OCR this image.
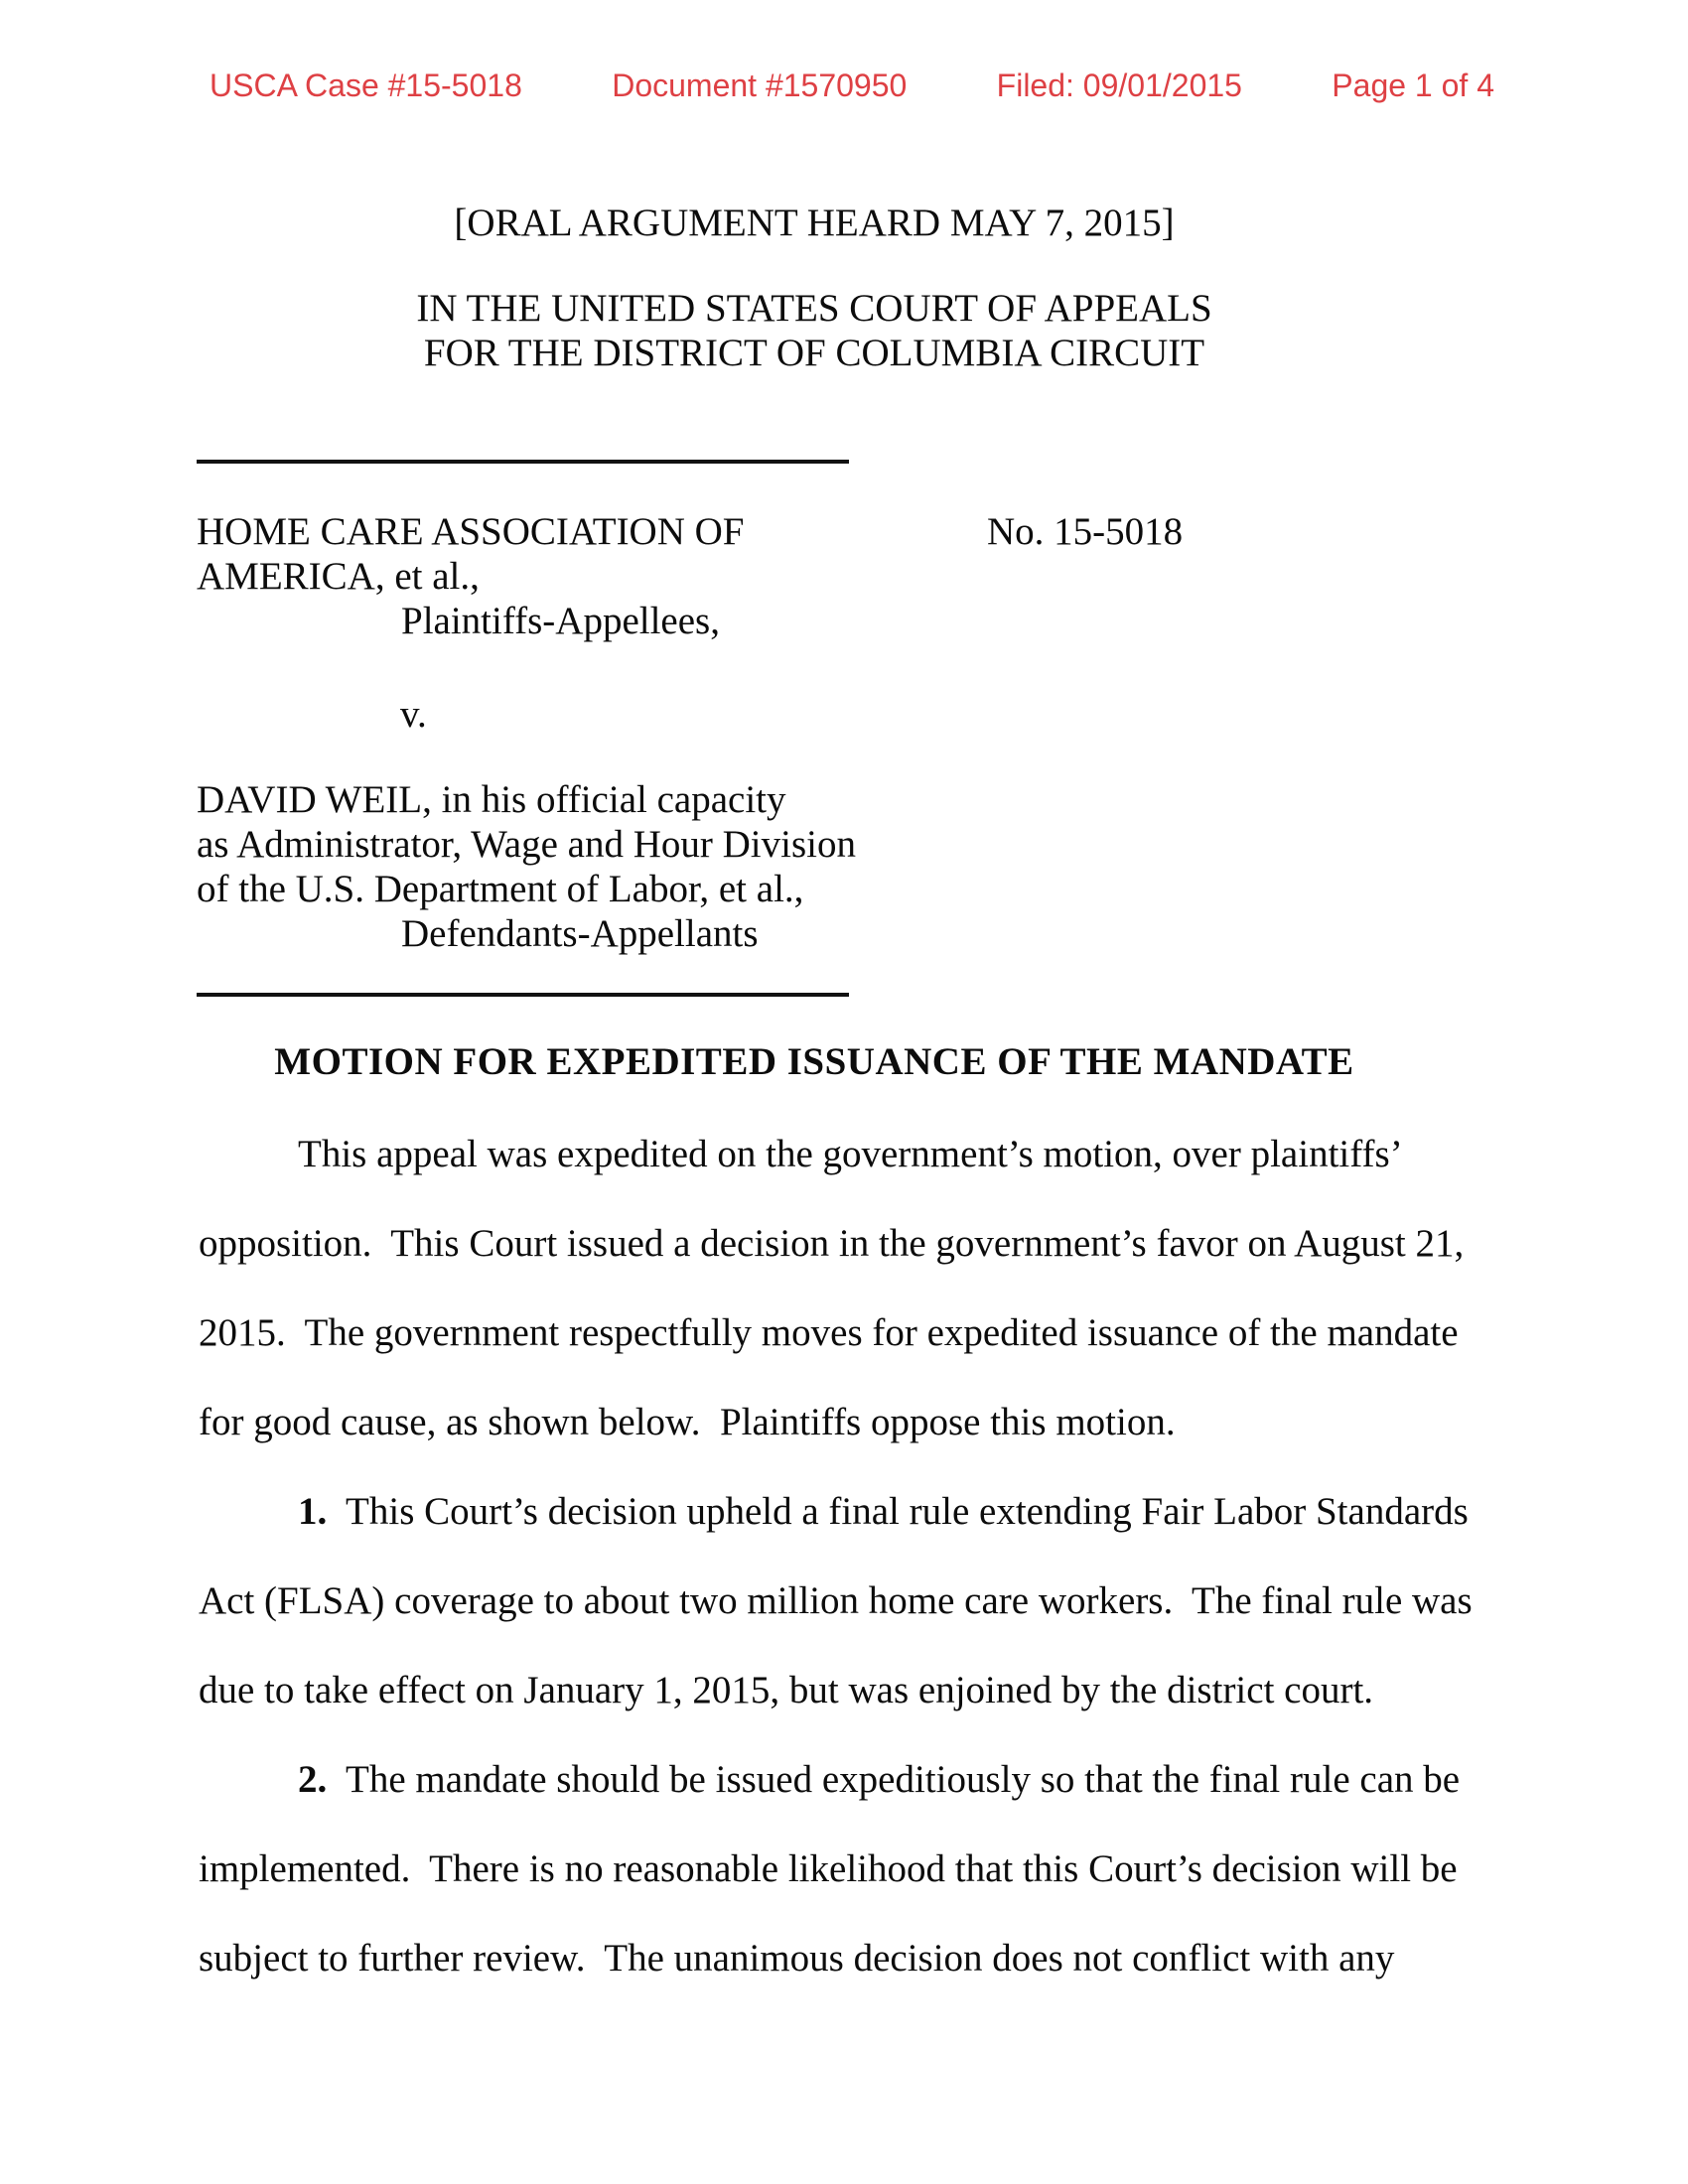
USCA Case #15-5018	Document #1570950	Filed: 09/01/2015	Page 1 of 4
[ORAL ARGUMENT HEARD MAY 7, 2015]
IN THE UNITED STATES COURT OF APPEALS
FOR THE DISTRICT OF COLUMBIA CIRCUIT
HOME CARE ASSOCIATION OF
AMERICA, et al.,
Plaintiffs-Appellees,
No. 15-5018
v.
DAVID WEIL, in his official capacity
as Administrator, Wage and Hour Division
of the U.S. Department of Labor, et al.,
Defendants-Appellants
MOTION FOR EXPEDITED ISSUANCE OF THE MANDATE
This appeal was expedited on the government’s motion, over plaintiffs’
opposition.  This Court issued a decision in the government’s favor on August 21,
2015.  The government respectfully moves for expedited issuance of the mandate
for good cause, as shown below.  Plaintiffs oppose this motion.
1.  This Court’s decision upheld a final rule extending Fair Labor Standards
Act (FLSA) coverage to about two million home care workers.  The final rule was
due to take effect on January 1, 2015, but was enjoined by the district court.
2.  The mandate should be issued expeditiously so that the final rule can be
implemented.  There is no reasonable likelihood that this Court’s decision will be
subject to further review.  The unanimous decision does not conflict with any
